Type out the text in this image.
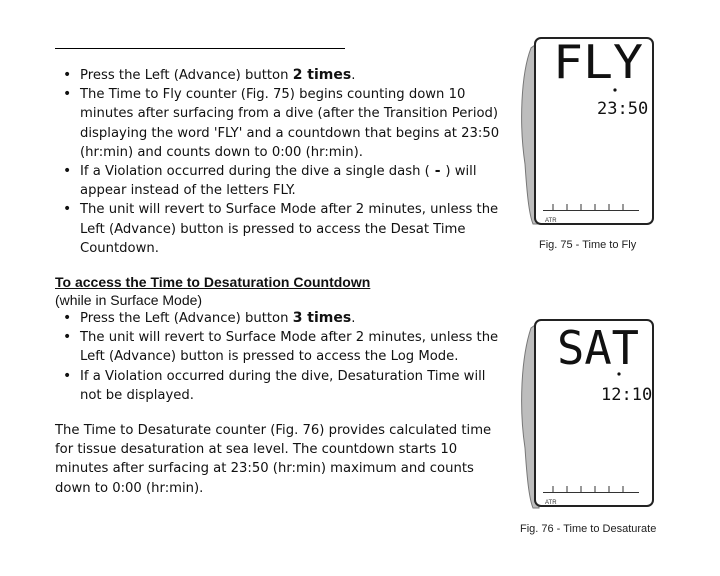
• Press the Left (Advance) button 2 times.
• The Time to Fly counter (Fig. 75) begins counting down 10 minutes after surfacing from a dive (after the Transition Period) displaying the word 'FLY' and a countdown that begins at 23:50 (hr:min) and counts down to 0:00 (hr:min).
• If a Violation occurred during the dive a single dash ( - ) will appear instead of the letters FLY.
• The unit will revert to Surface Mode after 2 minutes, unless the Left (Advance) button is pressed to access the Desat Time Countdown.
To access the Time to Desaturation Countdown
(while in Surface Mode)
• Press the Left (Advance) button 3 times.
• The unit will revert to Surface Mode after 2 minutes, unless the Left (Advance) button is pressed to access the Log Mode.
• If a Violation occurred during the dive, Desaturation Time will not be displayed.

The Time to Desaturate counter (Fig. 76) provides calculated time for tissue desaturation at sea level. The countdown starts 10 minutes after surfacing at 23:50 (hr:min) maximum and counts down to 0:00 (hr:min).

FLY
23:50
ATR
Fig. 75 - Time to Fly
SAT
12:10
ATR
Fig. 76 - Time to Desaturate
